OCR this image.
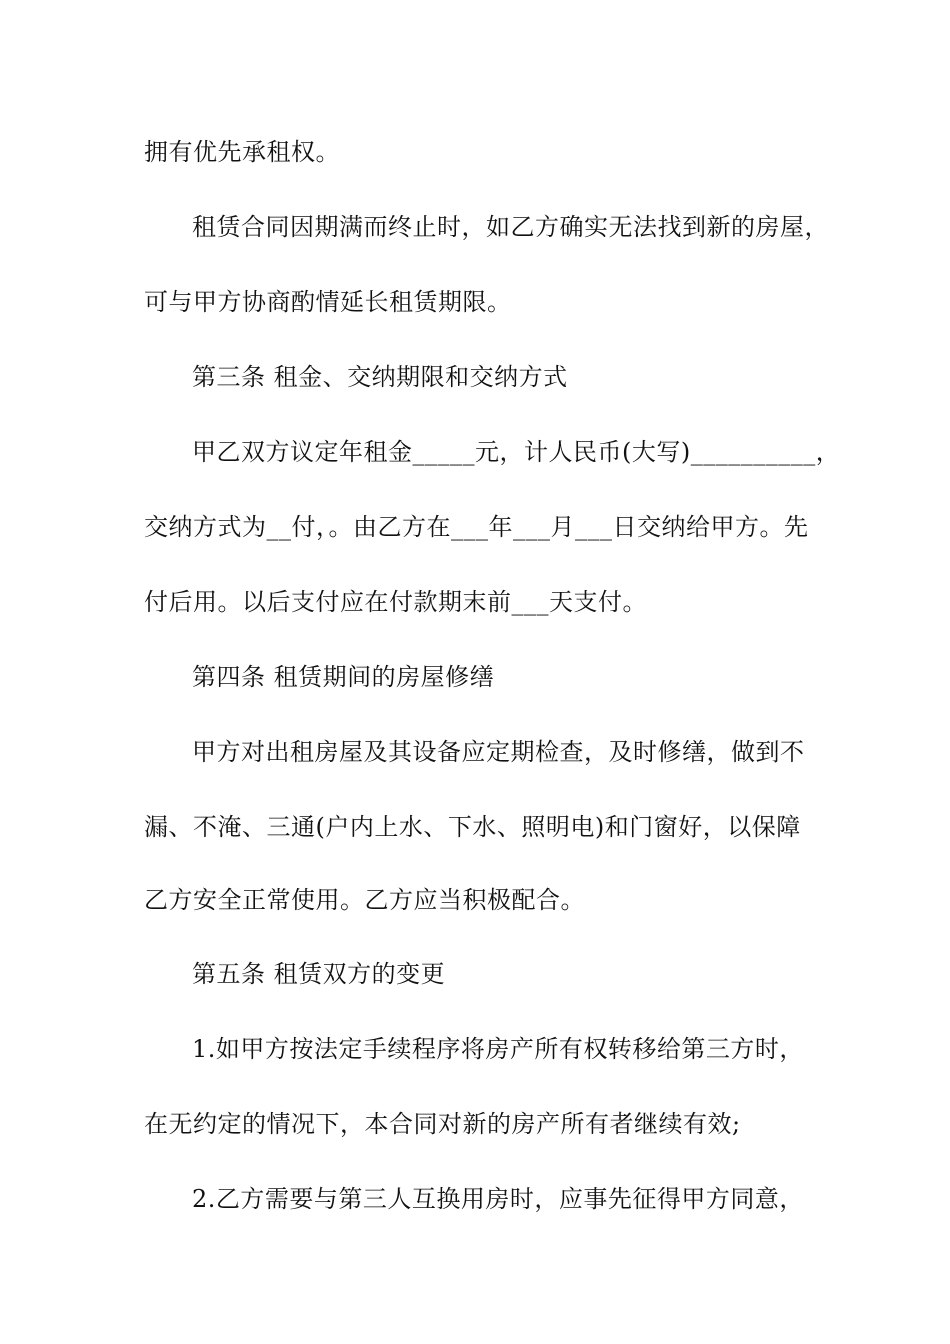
拥有优先承租权。
租赁合同因期满而终止时，如乙方确实无法找到新的房屋，
可与甲方协商酌情延长租赁期限。
第三条 租金、交纳期限和交纳方式
甲乙双方议定年租金_____元，计人民币(大写)__________，
交纳方式为__付，。由乙方在___年___月___日交纳给甲方。先
付后用。以后支付应在付款期末前___天支付。
第四条 租赁期间的房屋修缮
甲方对出租房屋及其设备应定期检查，及时修缮，做到不
漏、不淹、三通(户内上水、下水、照明电)和门窗好，以保障
乙方安全正常使用。乙方应当积极配合。
第五条 租赁双方的变更
1.如甲方按法定手续程序将房产所有权转移给第三方时，
在无约定的情况下，本合同对新的房产所有者继续有效;
2.乙方需要与第三人互换用房时，应事先征得甲方同意，
